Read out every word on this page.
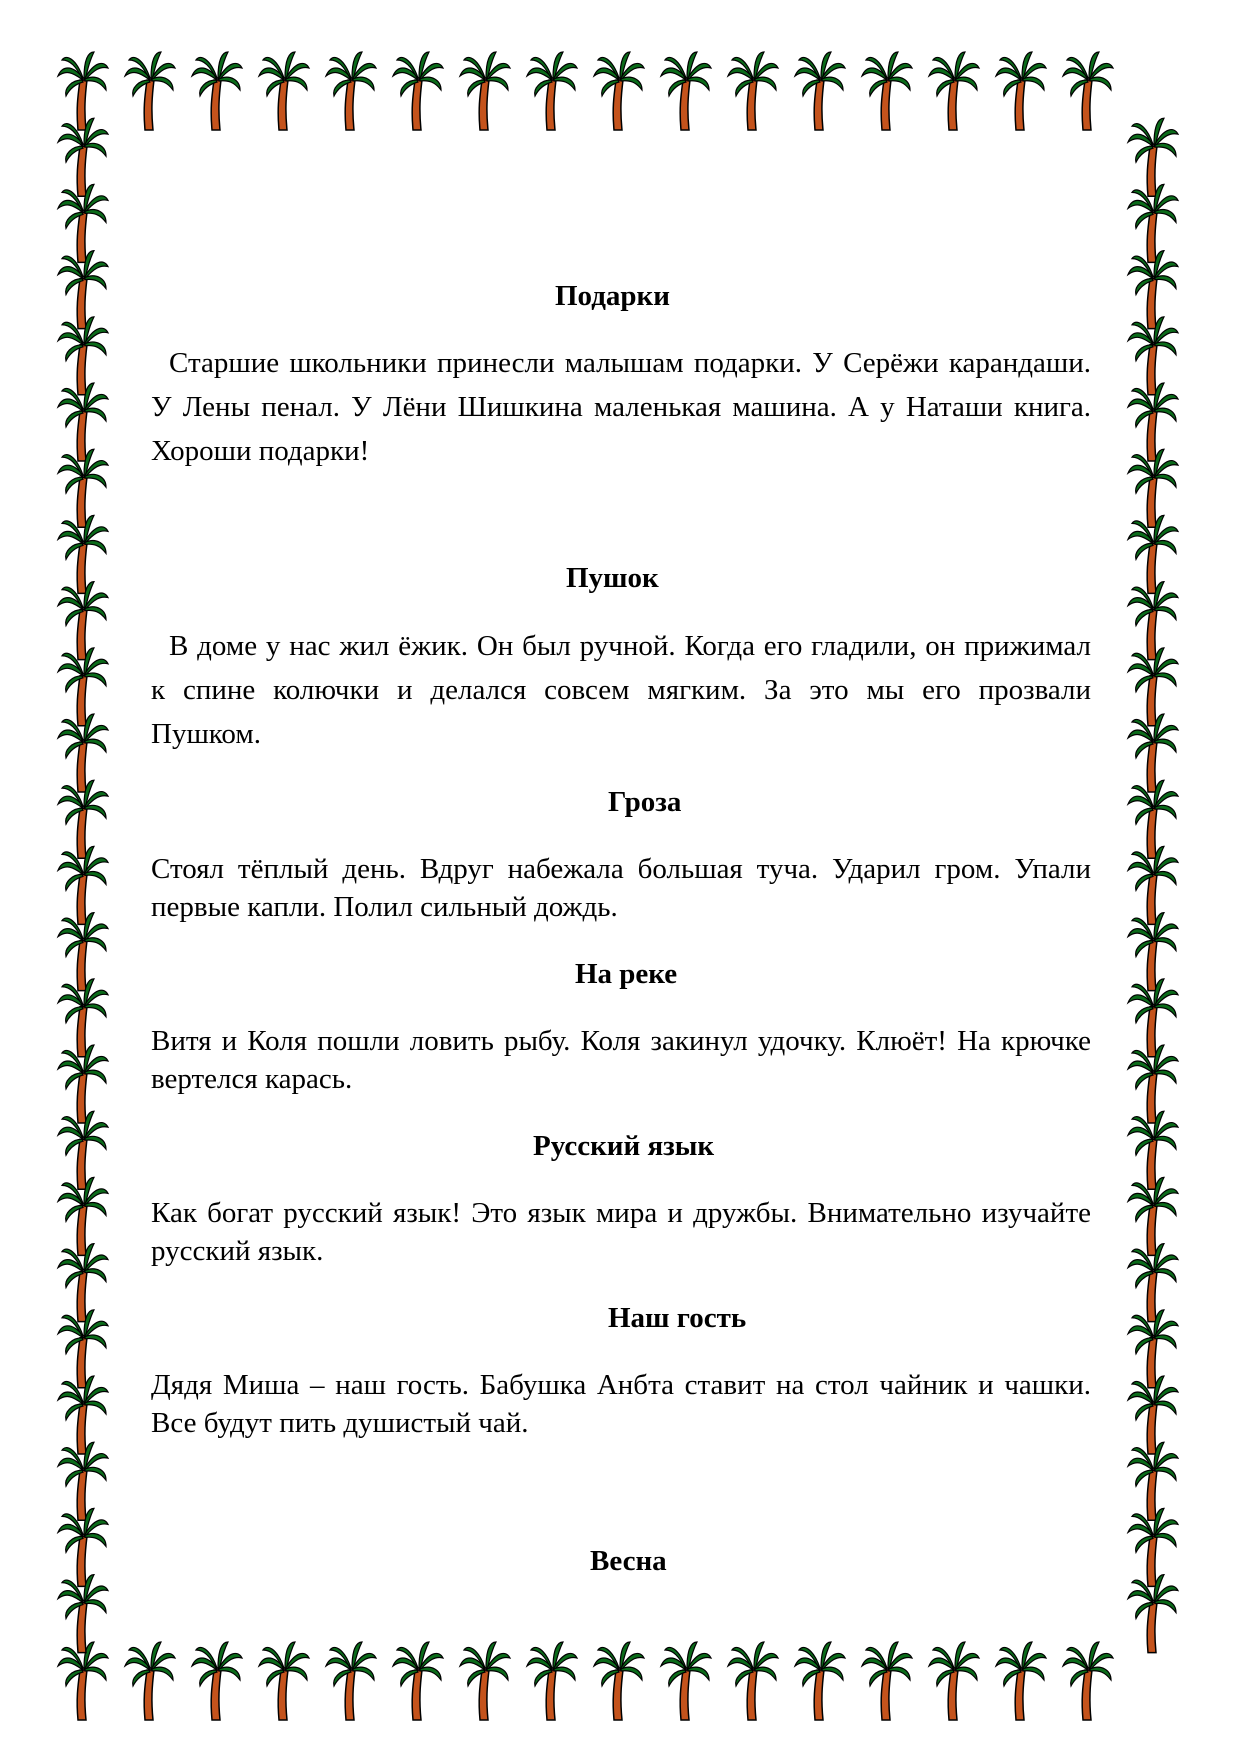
Подарки
Старшие школьники принесли малышам подарки. У Серёжи карандаши. У Лены пенал. У Лёни Шишкина маленькая машина. А у Наташи книга. Хороши подарки!
Пушок
В доме у нас жил ёжик. Он был ручной. Когда его гладили, он прижимал к спине колючки и делался совсем мягким. За это мы его прозвали Пушком.
Гроза
Стоял тёплый день. Вдруг набежала большая туча. Ударил гром. Упали первые капли. Полил сильный дождь.
На реке
Витя и Коля пошли ловить рыбу. Коля закинул удочку. Клюёт! На крючке вертелся карась.
Русский язык
Как богат русский язык! Это язык мира и дружбы. Внимательно изучайте русский язык.
Наш гость
Дядя Миша – наш гость. Бабушка Анбта ставит на стол чайник и чашки. Все будут пить душистый чай.
Весна
